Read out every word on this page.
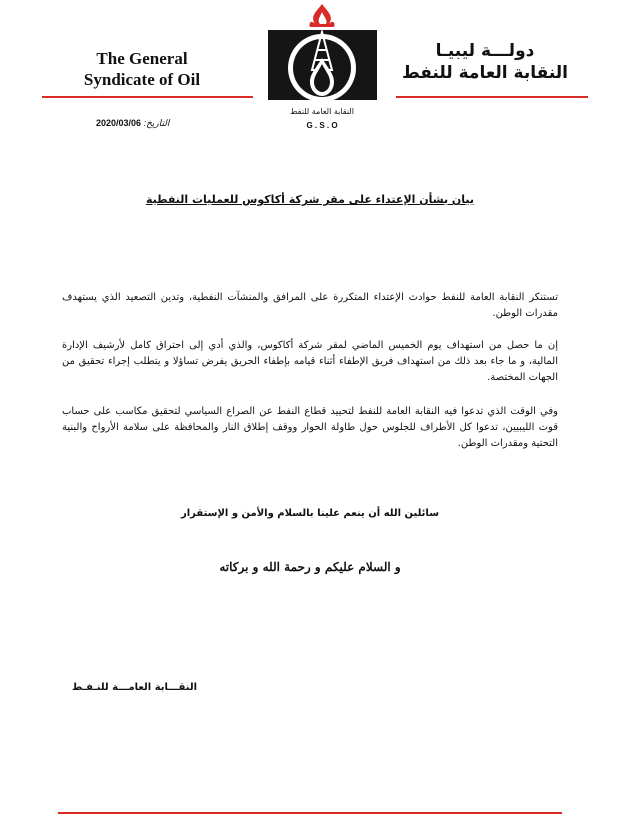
The General
Syndicate of Oil
التاريخ: 2020/03/06
النقابة العامة للنفط
G . S . O
دولـــة ليبيـا
النقابة العامة للنفط
بيان بشأن الإعتداء على مقر شركة أكاكوس للعمليات النفطية
تستنكر النقابة العامة للنفط حوادث الإعتداء المتكررة على المرافق والمنشآت النفطية، وتدين التصعيد الذي يستهدف مقدرات الوطن.
إن ما حصل من استهداف يوم الخميس الماضي لمقر شركة أكاكوس، والذي أدي إلى احتراق كامل لأرشيف الإدارة المالية، و ما جاء بعد ذلك من استهداف فريق الإطفاء أثناء قيامه بإطفاء الحريق يفرض تساؤلا و يتطلب إجراء تحقيق من الجهات المختصة.
وفي الوقت الذي تدعوا فيه النقابة العامة للنفط لتحييد قطاع النفط عن الصراع السياسي لتحقيق مكاسب على حساب قوت الليبيين، تدعوا كل الأطراف للجلوس حول طاولة الحوار ووقف إطلاق النار والمحافظة على سلامة الأرواح والبنية التحتية ومقدرات الوطن.
سائلين الله أن ينعم علينا بالسلام والأمن و الإستقرار
و السلام عليكم و رحمة الله و بركاته
النقـــابة العامـــة للنـفـط
